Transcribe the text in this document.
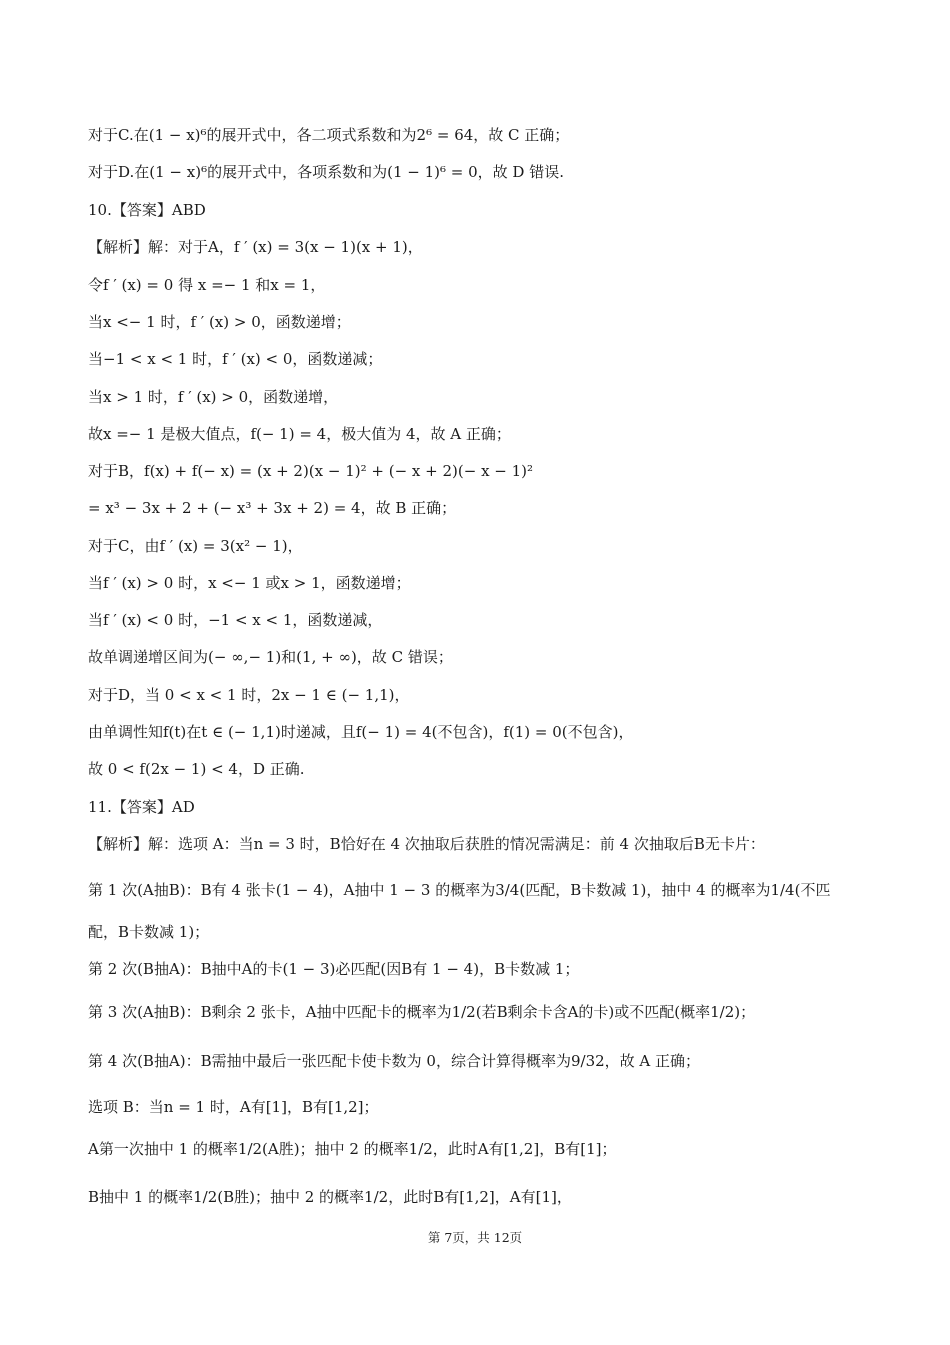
对于C.在(1 − x)⁶的展开式中，各二项式系数和为2⁶ = 64，故 C 正确；
对于D.在(1 − x)⁶的展开式中，各项系数和为(1 − 1)⁶ = 0，故 D 错误.
10.【答案】ABD
【解析】解：对于A，f ′ (x) = 3(x − 1)(x + 1)，
令f ′ (x) = 0 得 x =− 1 和x = 1，
当x <− 1 时，f ′ (x) > 0，函数递增；
当−1 < x < 1 时，f ′ (x) < 0，函数递减；
当x > 1 时，f ′ (x) > 0，函数递增，
故x =− 1 是极大值点，f(− 1) = 4，极大值为 4，故 A 正确；
对于B，f(x) + f(− x) = (x + 2)(x − 1)² + (− x + 2)(− x − 1)²
= x³ − 3x + 2 + (− x³ + 3x + 2) = 4，故 B 正确；
对于C，由f ′ (x) = 3(x² − 1)，
当f ′ (x) > 0 时，x <− 1 或x > 1，函数递增；
当f ′ (x) < 0 时，−1 < x < 1，函数递减，
故单调递增区间为(− ∞,− 1)和(1, + ∞)，故 C 错误；
对于D，当 0 < x < 1 时，2x − 1 ∈ (− 1,1)，
由单调性知f(t)在t ∈ (− 1,1)时递减，且f(− 1) = 4(不包含)，f(1) = 0(不包含)，
故 0 < f(2x − 1) < 4，D 正确.
11.【答案】AD
【解析】解：选项 A：当n = 3 时，B恰好在 4 次抽取后获胜的情况需满足：前 4 次抽取后B无卡片：
第 1 次(A抽B)：B有 4 张卡(1 − 4)，A抽中 1 − 3 的概率为3/4(匹配，B卡数减 1)，抽中 4 的概率为1/4(不匹
配，B卡数减 1)；
第 2 次(B抽A)：B抽中A的卡(1 − 3)必匹配(因B有 1 − 4)，B卡数减 1；
第 3 次(A抽B)：B剩余 2 张卡，A抽中匹配卡的概率为1/2(若B剩余卡含A的卡)或不匹配(概率1/2)；
第 4 次(B抽A)：B需抽中最后一张匹配卡使卡数为 0，综合计算得概率为9/32，故 A 正确；
选项 B：当n = 1 时，A有[1]，B有[1,2]；
A第一次抽中 1 的概率1/2(A胜)；抽中 2 的概率1/2，此时A有[1,2]，B有[1]；
B抽中 1 的概率1/2(B胜)；抽中 2 的概率1/2，此时B有[1,2]，A有[1]，
第 7页，共 12页
